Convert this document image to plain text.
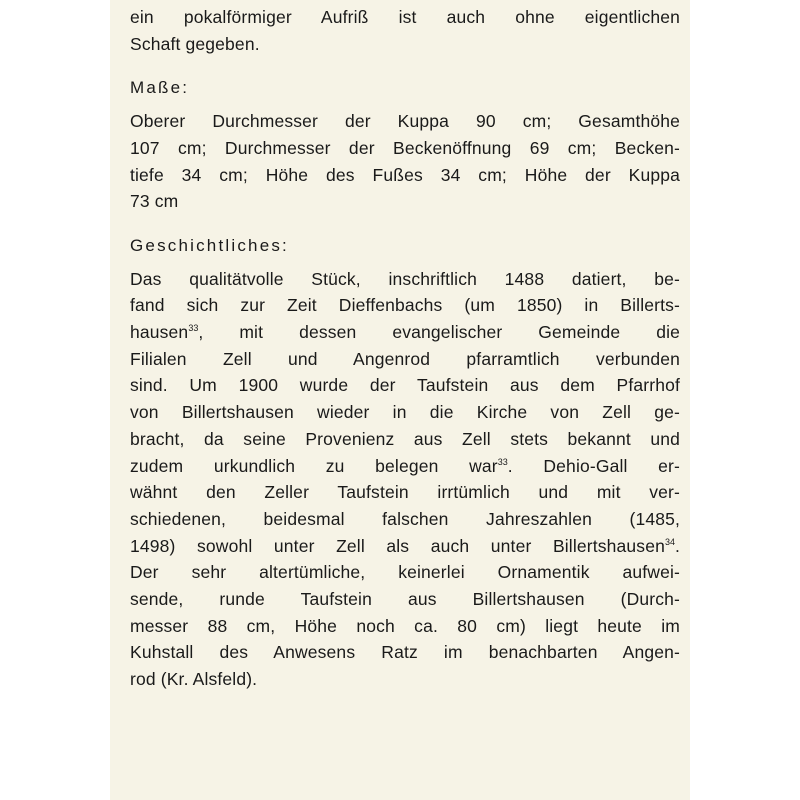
ein pokalförmiger Aufriß ist auch ohne eigentlichen
Schaft gegeben.
Maße:
Oberer Durchmesser der Kuppa 90 cm; Gesamthöhe
107 cm; Durchmesser der Beckenöffnung 69 cm; Becken-
tiefe 34 cm; Höhe des Fußes 34 cm; Höhe der Kuppa
73 cm
Geschichtliches:
Das qualitätvolle Stück, inschriftlich 1488 datiert, be-
fand sich zur Zeit Dieffenbachs (um 1850) in Billerts-
hausen$^{33}$, mit dessen evangelischer Gemeinde die
Filialen Zell und Angenrod pfarramtlich verbunden
sind. Um 1900 wurde der Taufstein aus dem Pfarrhof
von Billertshausen wieder in die Kirche von Zell ge-
bracht, da seine Provenienz aus Zell stets bekannt und
zudem urkundlich zu belegen war$^{33}$. Dehio-Gall er-
wähnt den Zeller Taufstein irrtümlich und mit ver-
schiedenen, beidesmal falschen Jahreszahlen (1485,
1498) sowohl unter Zell als auch unter Billertshausen$^{34}$.
Der sehr altertümliche, keinerlei Ornamentik aufwei-
sende, runde Taufstein aus Billertshausen (Durch-
messer 88 cm, Höhe noch ca. 80 cm) liegt heute im
Kuhstall des Anwesens Ratz im benachbarten Angen-
rod (Kr. Alsfeld).
